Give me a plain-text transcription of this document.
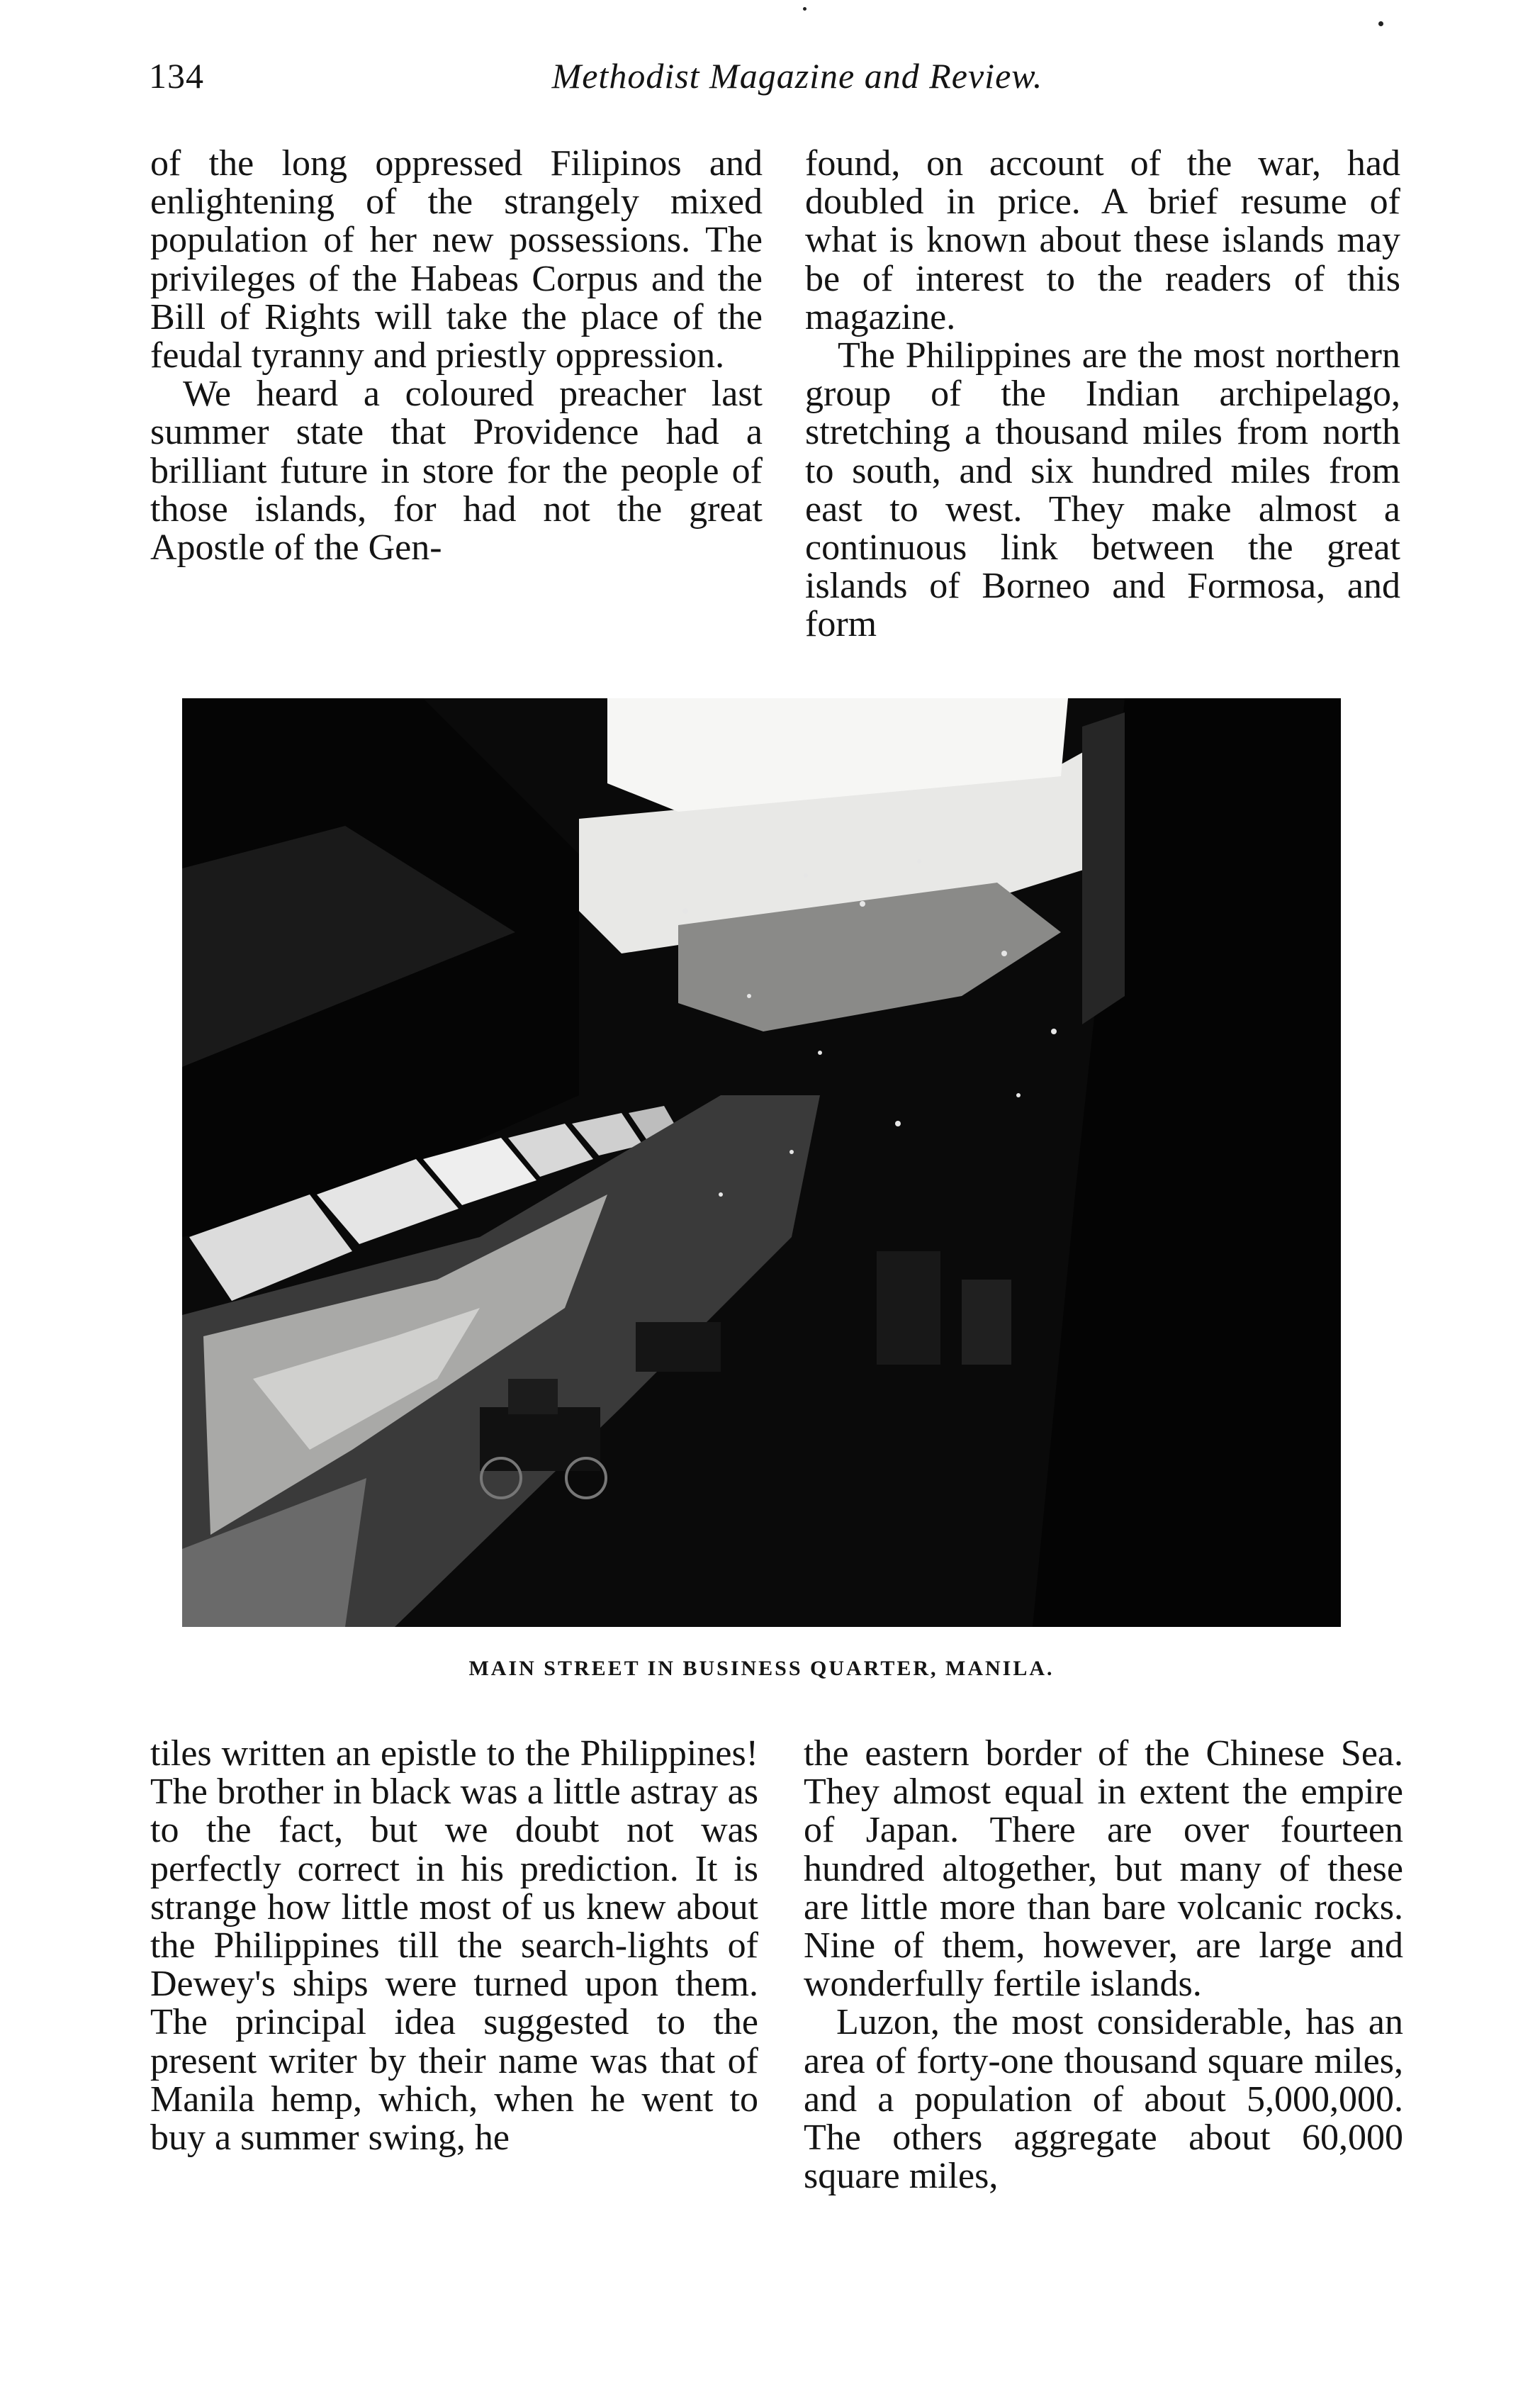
134	Methodist Magazine and Review.

of the long oppressed Filipinos and enlightening of the strangely mixed population of her new possessions. The privileges of the Habeas Corpus and the Bill of Rights will take the place of the feudal tyranny and priestly oppression.

We heard a coloured preacher last summer state that Providence had a brilliant future in store for the people of those islands, for had not the great Apostle of the Gen-

found, on account of the war, had doubled in price. A brief resume of what is known about these islands may be of interest to the readers of this magazine.

The Philippines are the most northern group of the Indian archipelago, stretching a thousand miles from north to south, and six hundred miles from east to west. They make almost a continuous link between the great islands of Borneo and Formosa, and form

MAIN STREET IN BUSINESS QUARTER, MANILA.

tiles written an epistle to the Philippines! The brother in black was a little astray as to the fact, but we doubt not was perfectly correct in his prediction. It is strange how little most of us knew about the Philippines till the search-lights of Dewey's ships were turned upon them. The principal idea suggested to the present writer by their name was that of Manila hemp, which, when he went to buy a summer swing, he

the eastern border of the Chinese Sea. They almost equal in extent the empire of Japan. There are over fourteen hundred altogether, but many of these are little more than bare volcanic rocks. Nine of them, however, are large and wonderfully fertile islands.

Luzon, the most considerable, has an area of forty-one thousand square miles, and a population of about 5,000,000. The others aggregate about 60,000 square miles,
